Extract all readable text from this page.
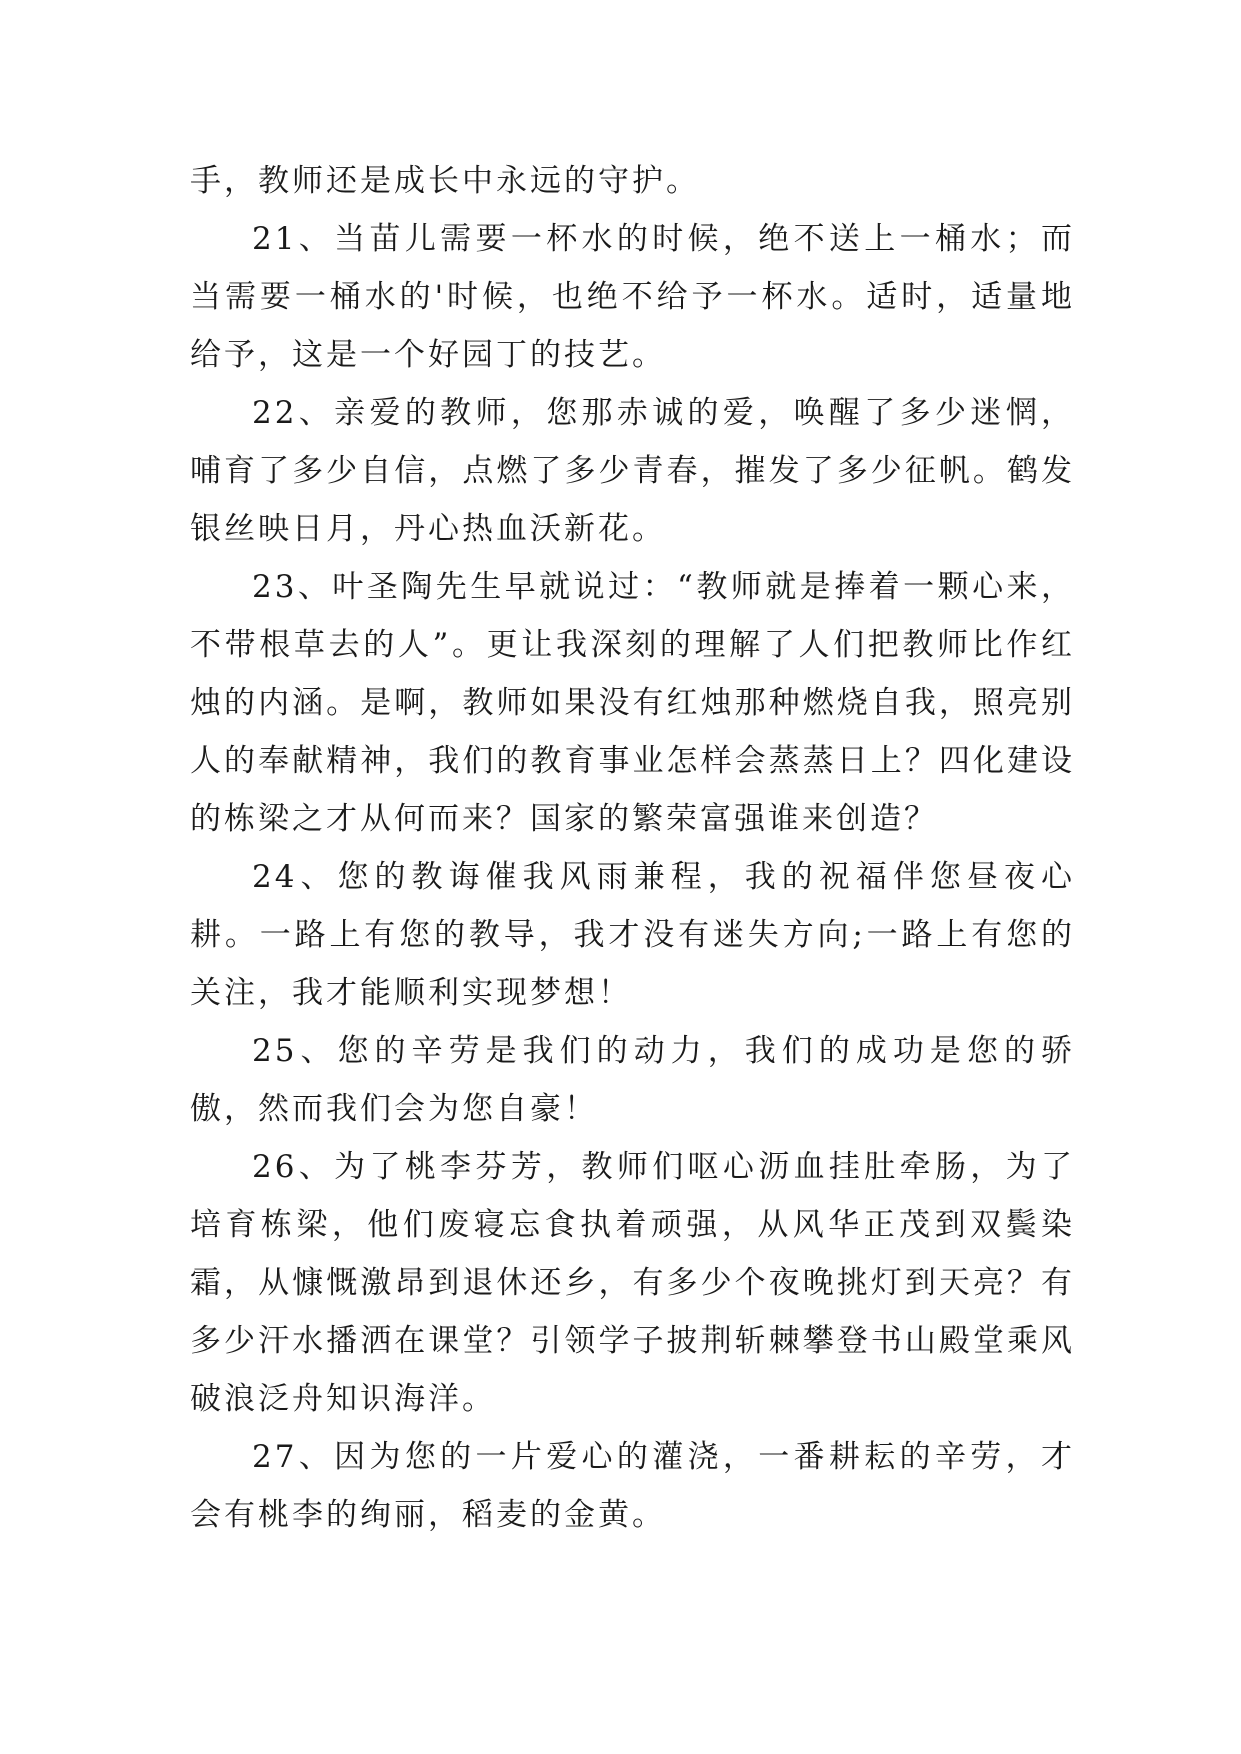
手，教师还是成长中永远的守护。

21、当苗儿需要一杯水的时候，绝不送上一桶水；而当需要一桶水的'时候，也绝不给予一杯水。适时，适量地给予，这是一个好园丁的技艺。

22、亲爱的教师，您那赤诚的爱，唤醒了多少迷惘，哺育了多少自信，点燃了多少青春，摧发了多少征帆。鹤发银丝映日月，丹心热血沃新花。

23、叶圣陶先生早就说过：“教师就是捧着一颗心来，不带根草去的人”。更让我深刻的理解了人们把教师比作红烛的内涵。是啊，教师如果没有红烛那种燃烧自我，照亮别人的奉献精神，我们的教育事业怎样会蒸蒸日上？四化建设的栋梁之才从何而来？国家的繁荣富强谁来创造？

24、您的教诲催我风雨兼程，我的祝福伴您昼夜心耕。一路上有您的教导，我才没有迷失方向;一路上有您的关注，我才能顺利实现梦想！

25、您的辛劳是我们的动力，我们的成功是您的骄傲，然而我们会为您自豪！

26、为了桃李芬芳，教师们呕心沥血挂肚牵肠，为了培育栋梁，他们废寝忘食执着顽强，从风华正茂到双鬓染霜，从慷慨激昂到退休还乡，有多少个夜晚挑灯到天亮？有多少汗水播洒在课堂？引领学子披荆斩棘攀登书山殿堂乘风破浪泛舟知识海洋。

27、因为您的一片爱心的灌浇，一番耕耘的辛劳，才会有桃李的绚丽，稻麦的金黄。
